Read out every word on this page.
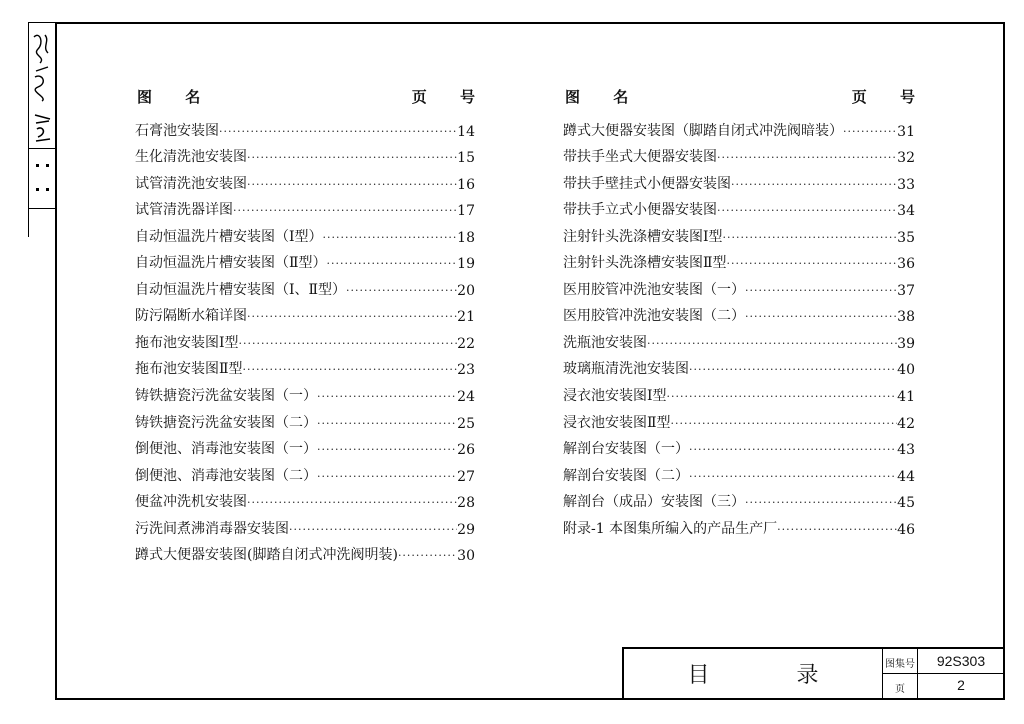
图 名	页 号
石膏池安装图 ·····	14
生化清洗池安装图 ·····	15
试管清洗池安装图 ·····	16
试管清洗器详图 ·····	17
自动恒温洗片槽安装图（Ⅰ型） ·····	18
自动恒温洗片槽安装图（Ⅱ型） ·····	19
自动恒温洗片槽安装图（Ⅰ、Ⅱ型） ·····	20
防污隔断水箱详图 ·····	21
拖布池安装图Ⅰ型 ·····	22
拖布池安装图Ⅱ型 ·····	23
铸铁搪瓷污洗盆安装图（一） ·····	24
铸铁搪瓷污洗盆安装图（二） ·····	25
倒便池、消毒池安装图（一） ·····	26
倒便池、消毒池安装图（二） ·····	27
便盆冲洗机安装图 ·····	28
污洗间煮沸消毒器安装图 ·····	29
蹲式大便器安装图(脚踏自闭式冲洗阀明装) ·····	30
图 名	页 号
蹲式大便器安装图（脚踏自闭式冲洗阀暗装） ·····	31
带扶手坐式大便器安装图 ·····	32
带扶手壁挂式小便器安装图 ·····	33
带扶手立式小便器安装图 ·····	34
注射针头洗涤槽安装图Ⅰ型 ·····	35
注射针头洗涤槽安装图Ⅱ型 ·····	36
医用胶管冲洗池安装图（一） ·····	37
医用胶管冲洗池安装图（二） ·····	38
洗瓶池安装图 ·····	39
玻璃瓶清洗池安装图 ·····	40
浸衣池安装图Ⅰ型 ·····	41
浸衣池安装图Ⅱ型 ·····	42
解剖台安装图（一） ·····	43
解剖台安装图（二） ·····	44
解剖台（成品）安装图（三） ·····	45
附录-1 本图集所编入的产品生产厂 ·····	46
目 录	图集号	92S303
页	2
